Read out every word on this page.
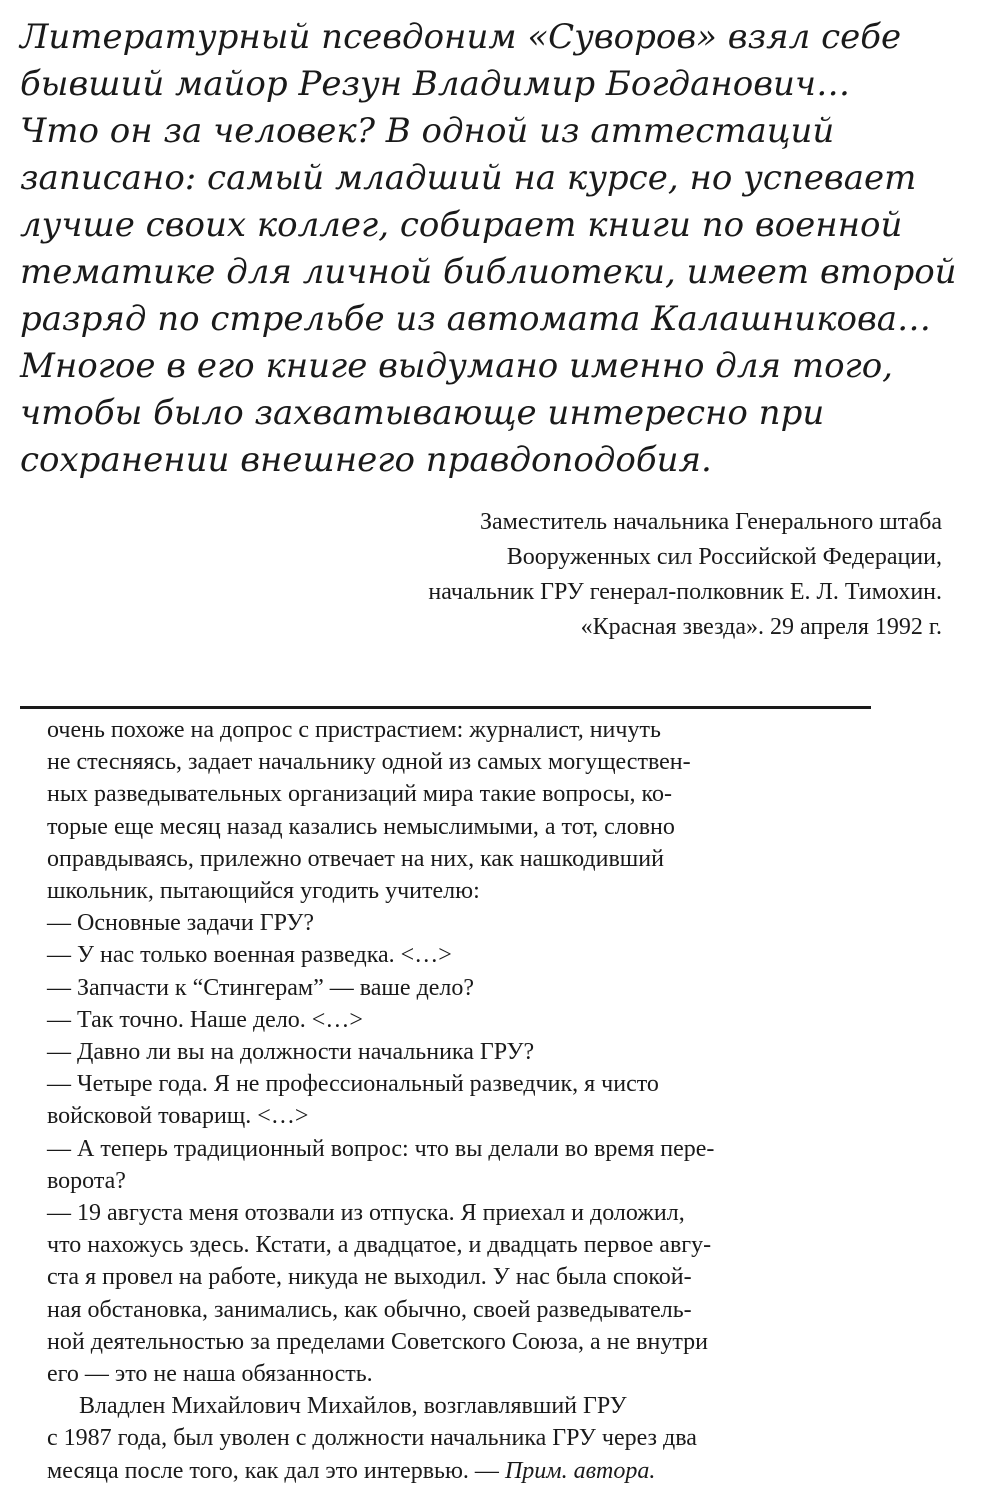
Литературный псевдоним «Суворов» взял себе
бывший майор Резун Владимир Богданович…
Что он за человек? В одной из аттестаций
записано: самый младший на курсе, но успевает
лучше своих коллег, собирает книги по военной
тематике для личной библиотеки, имеет второй
разряд по стрельбе из автомата Калашникова…
Многое в его книге выдумано именно для того,
чтобы было захватывающе интересно при
сохранении внешнего правдоподобия.
Заместитель начальника Генерального штаба
Вооруженных сил Российской Федерации,
начальник ГРУ генерал-полковник Е. Л. Тимохин.
«Красная звезда». 29 апреля 1992 г.
очень похоже на допрос с пристрастием: журналист, ничуть
не стесняясь, задает начальнику одной из самых могуществен-
ных разведывательных организаций мира такие вопросы, ко-
торые еще месяц назад казались немыслимыми, а тот, словно
оправдываясь, прилежно отвечает на них, как нашкодивший
школьник, пытающийся угодить учителю:
— Основные задачи ГРУ?
— У нас только военная разведка. <…>
— Запчасти к “Стингерам” — ваше дело?
— Так точно. Наше дело. <…>
— Давно ли вы на должности начальника ГРУ?
— Четыре года. Я не профессиональный разведчик, я чисто
войсковой товарищ. <…>
— А теперь традиционный вопрос: что вы делали во время пере-
ворота?
— 19 августа меня отозвали из отпуска. Я приехал и доложил,
что нахожусь здесь. Кстати, а двадцатое, и двадцать первое авгу-
ста я провел на работе, никуда не выходил. У нас была спокой-
ная обстановка, занимались, как обычно, своей разведыватель-
ной деятельностью за пределами Советского Союза, а не внутри
его — это не наша обязанность.
Владлен Михайлович Михайлов, возглавлявший ГРУ
с 1987 года, был уволен с должности начальника ГРУ через два
месяца после того, как дал это интервью. — Прим. автора.
